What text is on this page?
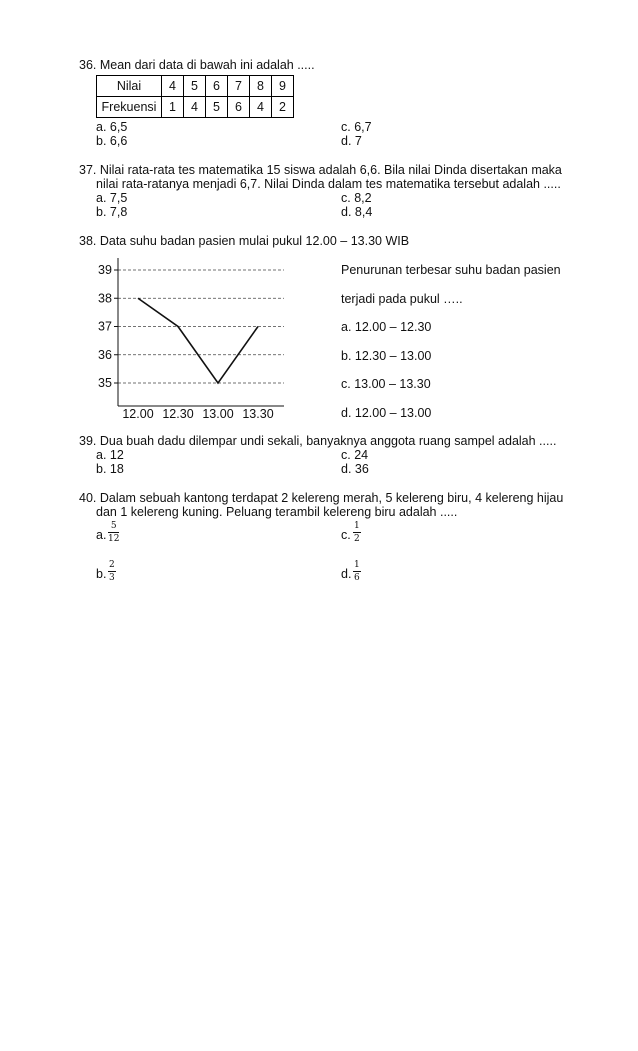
36. Mean dari data di bawah ini adalah .....
Nilai	4	5	6	7	8	9
Frekuensi	1	4	5	6	4	2
a. 6,5
b. 6,6
c. 6,7
d. 7
37. Nilai rata-rata tes matematika 15 siswa adalah 6,6. Bila nilai Dinda disertakan maka
nilai rata-ratanya menjadi 6,7. Nilai Dinda dalam tes matematika tersebut adalah .....
a. 7,5
b. 7,8
c. 8,2
d. 8,4
38. Data suhu badan pasien mulai pukul 12.00 – 13.30 WIB
39
38
37
36
35
12.00 12.30 13.00 13.30
Penurunan terbesar suhu badan pasien
terjadi pada pukul …..
a. 12.00 – 12.30
b. 12.30 – 13.00
c. 13.00 – 13.30
d. 12.00 – 13.00
39. Dua buah dadu dilempar undi sekali, banyaknya anggota ruang sampel adalah .....
a. 12
b. 18
c. 24
d. 36
40. Dalam sebuah kantong terdapat 2 kelereng merah, 5 kelereng biru, 4 kelereng hijau
dan 1 kelereng kuning. Peluang terambil kelereng biru adalah .....
a. $\frac{5}{12}$
b. $\frac{2}{3}$
c. $\frac{1}{2}$
d. $\frac{1}{6}$
